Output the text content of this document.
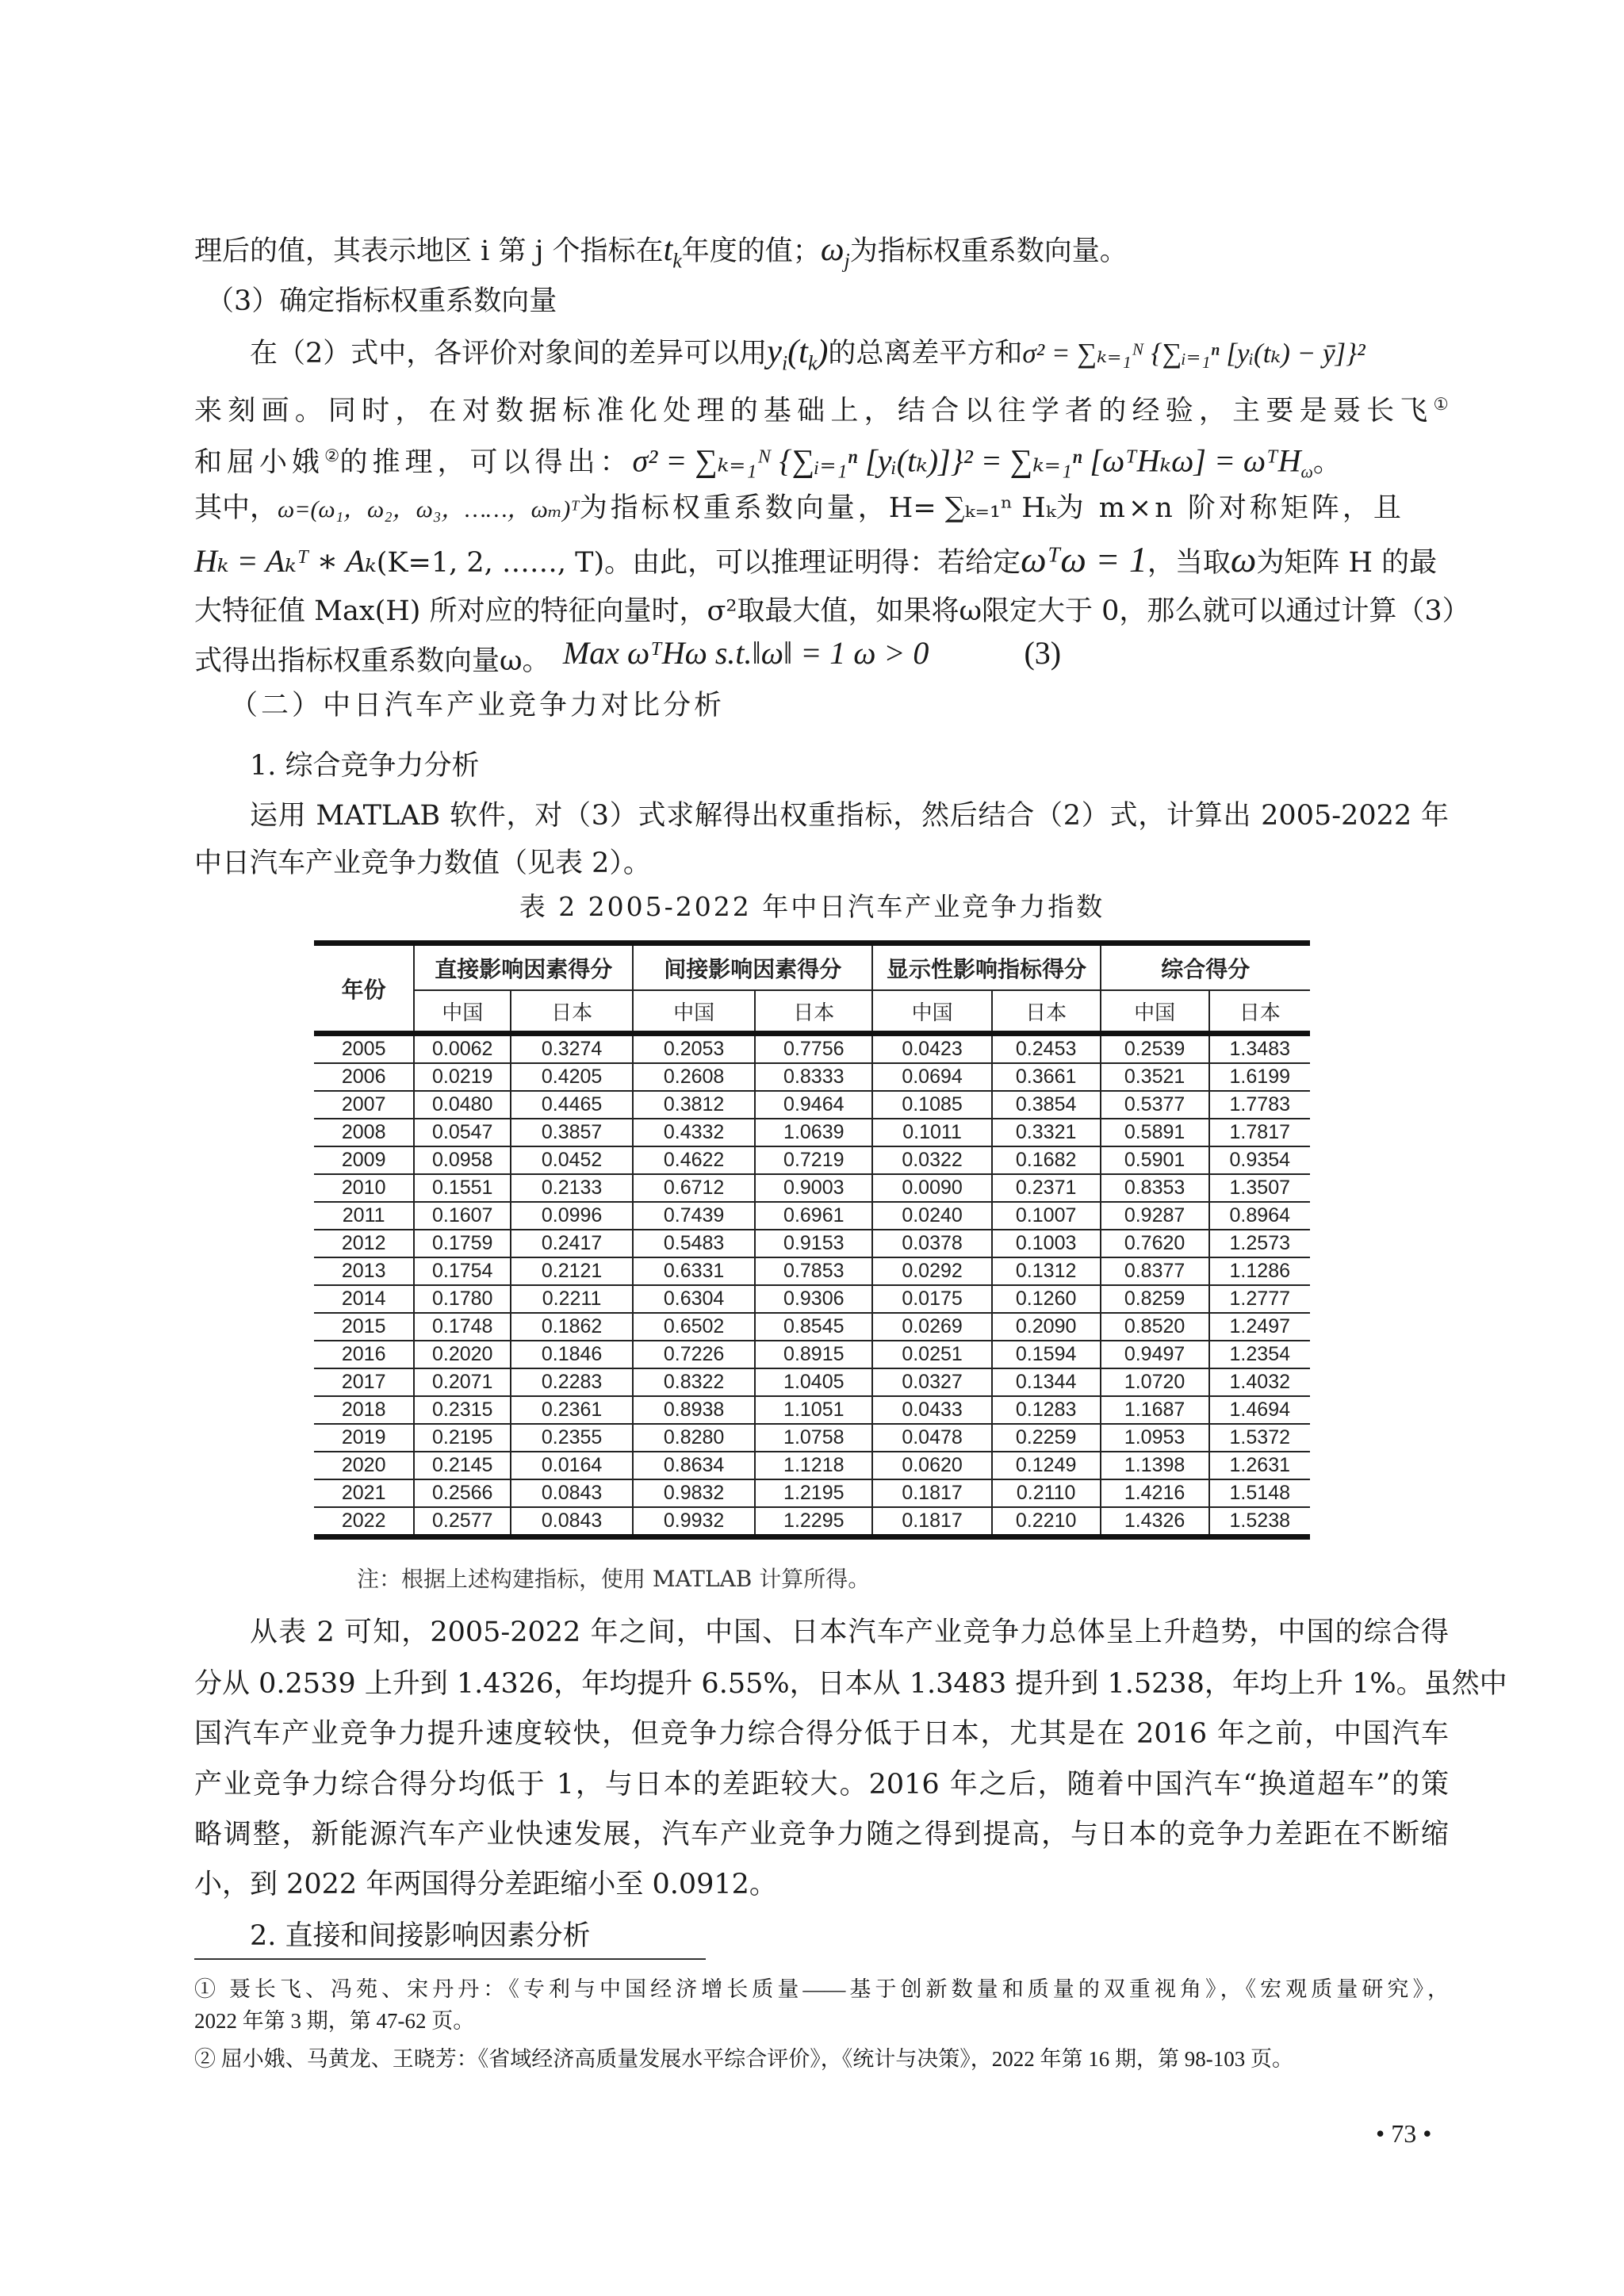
理后的值，其表示地区 i 第 j 个指标在$t_k$年度的值；$\omega_j$为指标权重系数向量。
（3）确定指标权重系数向量
在（2）式中，各评价对象间的差异可以用$y_i(t_k)$的总离差平方和σ² = ∑ₖ₌₁ᴺ {∑ᵢ₌₁ⁿ [yᵢ(tₖ) − ȳ]}²
来刻画。同时，在对数据标准化处理的基础上，结合以往学者的经验，主要是聂长飞①
和屈小娥②的推理，可以得出：σ² = ∑ₖ₌₁ᴺ {∑ᵢ₌₁ⁿ [yᵢ(tₖ)]}² = ∑ₖ₌₁ⁿ [ωᵀHₖω] = ωᵀH$_\omega$。
其中，ω=(ω₁，ω₂，ω₃，……，ωₘ)ᵀ为指标权重系数向量，H= ∑ₖ₌₁ⁿ Hₖ为 m×n 阶对称矩阵，且
Hₖ = Aₖᵀ ∗ Aₖ(K=1, 2, ……, T)。由此，可以推理证明得：若给定ωᵀω = 1，当取ω为矩阵 H 的最
大特征值 Max(H) 所对应的特征向量时，σ²取最大值，如果将ω限定大于 0，那么就可以通过计算（3）
式得出指标权重系数向量ω。 Max ωᵀHω s.t.‖ω‖ = 1 ω > 0	(3)
（二）中日汽车产业竞争力对比分析
1. 综合竞争力分析
运用 MATLAB 软件，对（3）式求解得出权重指标，然后结合（2）式，计算出 2005-2022 年
中日汽车产业竞争力数值（见表 2）。
表 2 2005-2022 年中日汽车产业竞争力指数
年份	直接影响因素得分		间接影响因素得分		显示性影响指标得分		综合得分	
	中国	日本	中国	日本	中国	日本	中国	日本
2005	0.0062	0.3274	0.2053	0.7756	0.0423	0.2453	0.2539	1.3483
2006	0.0219	0.4205	0.2608	0.8333	0.0694	0.3661	0.3521	1.6199
2007	0.0480	0.4465	0.3812	0.9464	0.1085	0.3854	0.5377	1.7783
2008	0.0547	0.3857	0.4332	1.0639	0.1011	0.3321	0.5891	1.7817
2009	0.0958	0.0452	0.4622	0.7219	0.0322	0.1682	0.5901	0.9354
2010	0.1551	0.2133	0.6712	0.9003	0.0090	0.2371	0.8353	1.3507
2011	0.1607	0.0996	0.7439	0.6961	0.0240	0.1007	0.9287	0.8964
2012	0.1759	0.2417	0.5483	0.9153	0.0378	0.1003	0.7620	1.2573
2013	0.1754	0.2121	0.6331	0.7853	0.0292	0.1312	0.8377	1.1286
2014	0.1780	0.2211	0.6304	0.9306	0.0175	0.1260	0.8259	1.2777
2015	0.1748	0.1862	0.6502	0.8545	0.0269	0.2090	0.8520	1.2497
2016	0.2020	0.1846	0.7226	0.8915	0.0251	0.1594	0.9497	1.2354
2017	0.2071	0.2283	0.8322	1.0405	0.0327	0.1344	1.0720	1.4032
2018	0.2315	0.2361	0.8938	1.1051	0.0433	0.1283	1.1687	1.4694
2019	0.2195	0.2355	0.8280	1.0758	0.0478	0.2259	1.0953	1.5372
2020	0.2145	0.0164	0.8634	1.1218	0.0620	0.1249	1.1398	1.2631
2021	0.2566	0.0843	0.9832	1.2195	0.1817	0.2110	1.4216	1.5148
2022	0.2577	0.0843	0.9932	1.2295	0.1817	0.2210	1.4326	1.5238
注：根据上述构建指标，使用 MATLAB 计算所得。
从表 2 可知，2005-2022 年之间，中国、日本汽车产业竞争力总体呈上升趋势，中国的综合得
分从 0.2539 上升到 1.4326，年均提升 6.55%，日本从 1.3483 提升到 1.5238，年均上升 1%。虽然中
国汽车产业竞争力提升速度较快，但竞争力综合得分低于日本，尤其是在 2016 年之前，中国汽车
产业竞争力综合得分均低于 1，与日本的差距较大。2016 年之后，随着中国汽车“换道超车”的策
略调整，新能源汽车产业快速发展，汽车产业竞争力随之得到提高，与日本的竞争力差距在不断缩
小，到 2022 年两国得分差距缩小至 0.0912。
2. 直接和间接影响因素分析
① 聂长飞、冯苑、宋丹丹：《专利与中国经济增长质量——基于创新数量和质量的双重视角》，《宏观质量研究》，
2022 年第 3 期，第 47-62 页。
② 屈小娥、马黄龙、王晓芳：《省域经济高质量发展水平综合评价》，《统计与决策》，2022 年第 16 期，第 98-103 页。
• 73 •
